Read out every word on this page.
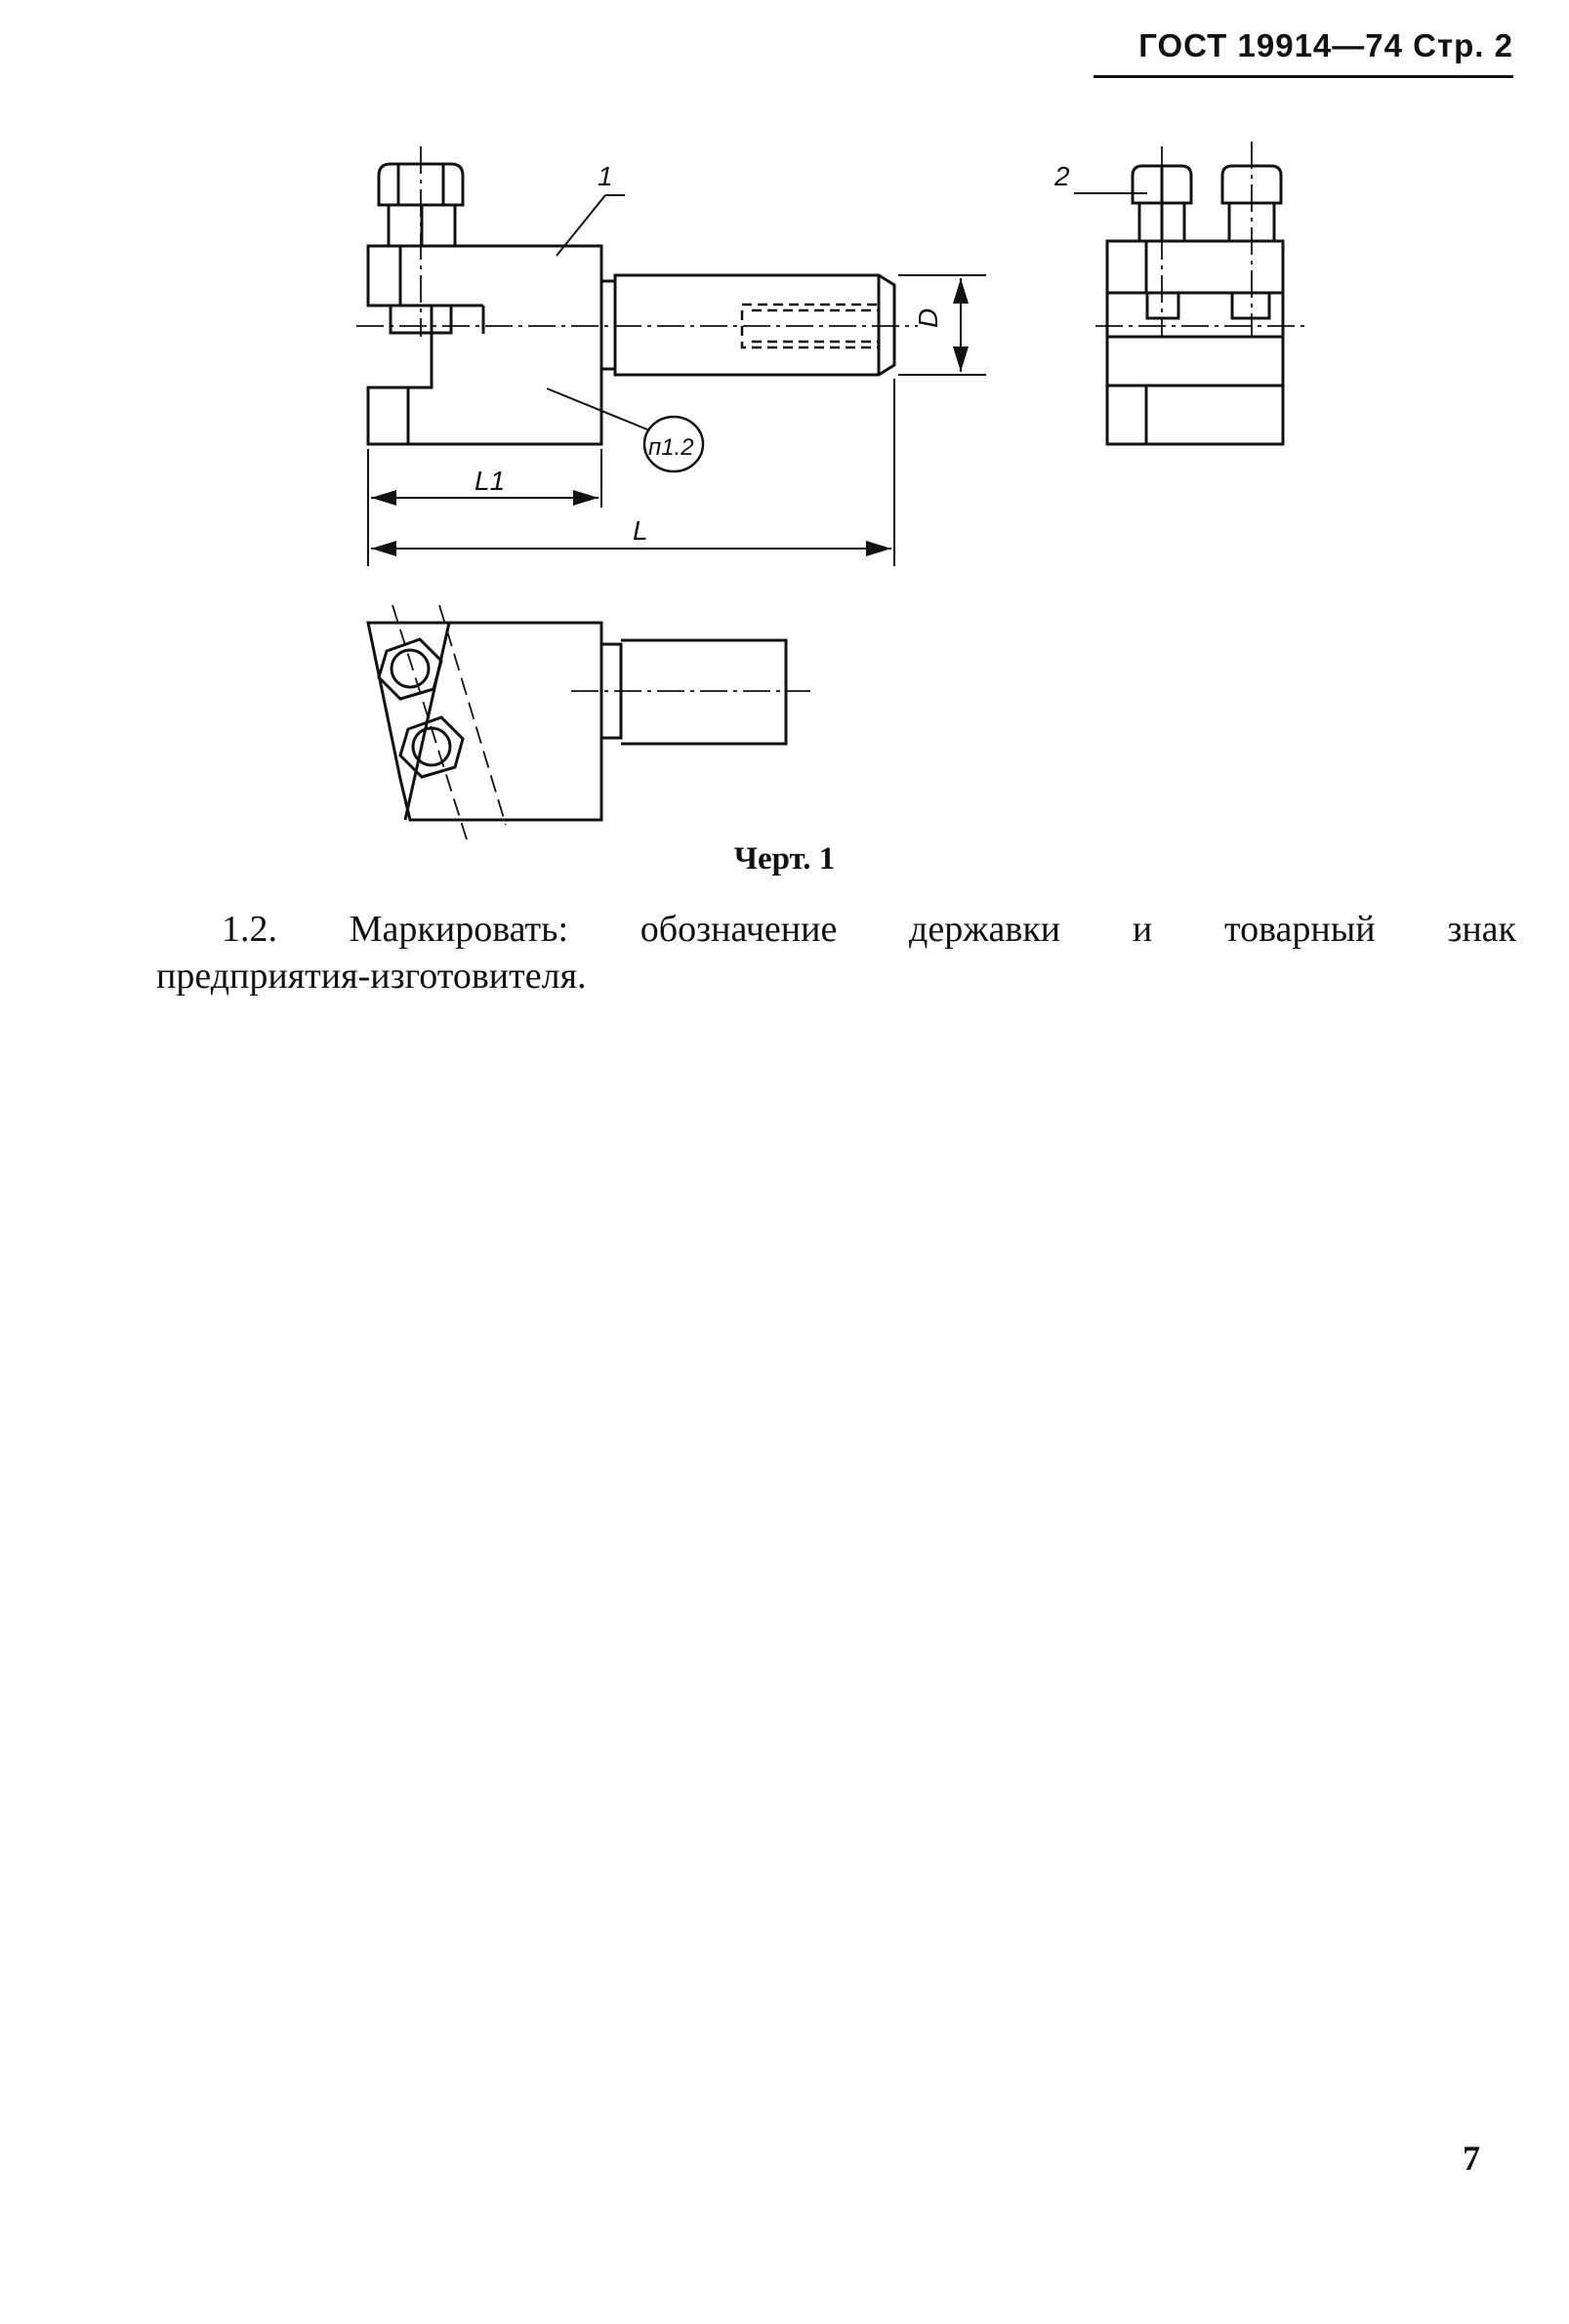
ГОСТ 19914—74 Стр. 2
1
п1.2
L1
L
D
2
Черт. 1
1.2. Маркировать: обозначение державки и товарный знак
предприятия-изготовителя.
7
